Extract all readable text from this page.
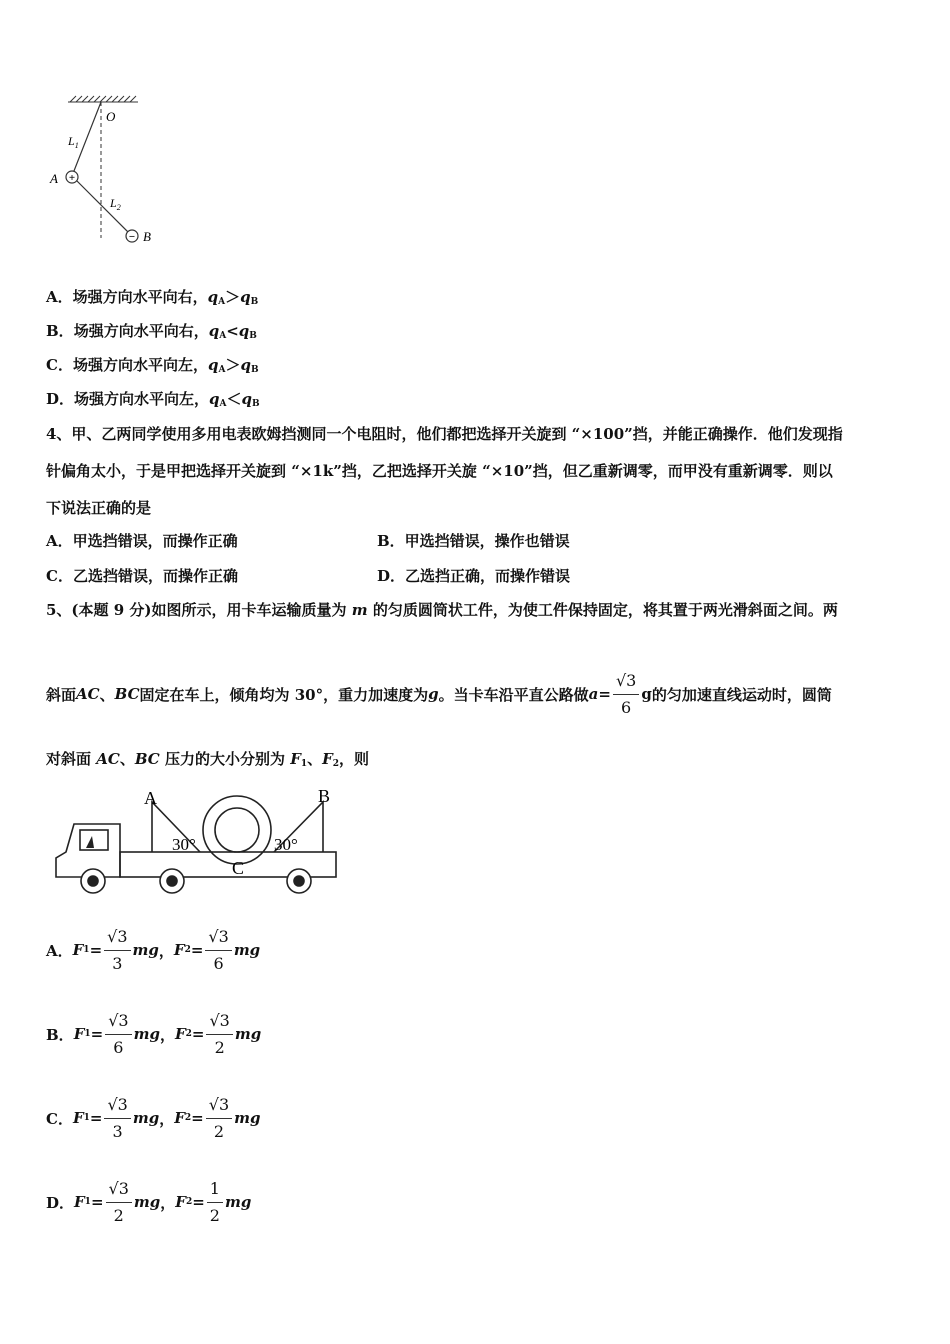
+
−
O
$L_1$
A
$L_2$
B
A．场强方向水平向右，$q_A>q_B$
B．场强方向水平向右，$q_A<q_B$
C．场强方向水平向左，$q_A>q_B$
D．场强方向水平向左，$q_A<q_B$
4、甲、乙两同学使用多用电表欧姆挡测同一个电阻时，他们都把选择开关旋到 “×100”挡，并能正确操作．他们发现指
针偏角太小，于是甲把选择开关旋到 “×1k”挡，乙把选择开关旋 “×10”挡，但乙重新调零，而甲没有重新调零．则以
下说法正确的是
A．甲选挡错误，而操作正确	B．甲选挡错误，操作也错误
C．乙选挡错误，而操作正确	D．乙选挡正确，而操作错误
5、(本题 9 分)如图所示，用卡车运输质量为 m 的匀质圆筒状工件，为使工件保持固定，将其置于两光滑斜面之间。两
斜面 AC 、 BC 固定在车上，倾角均为 30°，重力加速度为 g 。当卡车沿平直公路做 $a= \frac{√3}{6}$ g 的匀加速直线运动时，圆筒
对斜面 AC、BC 压力的大小分别为 $F_1$、$F_2$，则
A	B
C
30°	30°
A． F $1 = \frac{√3}{3}$ mg ， F $2 = \frac{√3}{6}$ mg
B． F $1 = \frac{√3}{6}$ mg ， F $2 = \frac{√3}{2}$ mg
C． F $1 = \frac{√3}{3}$ mg ， F $2 = \frac{√3}{2}$ mg
D． F $1 = \frac{√3}{2}$ mg ， F $2 = \frac{1}{2}$ mg
